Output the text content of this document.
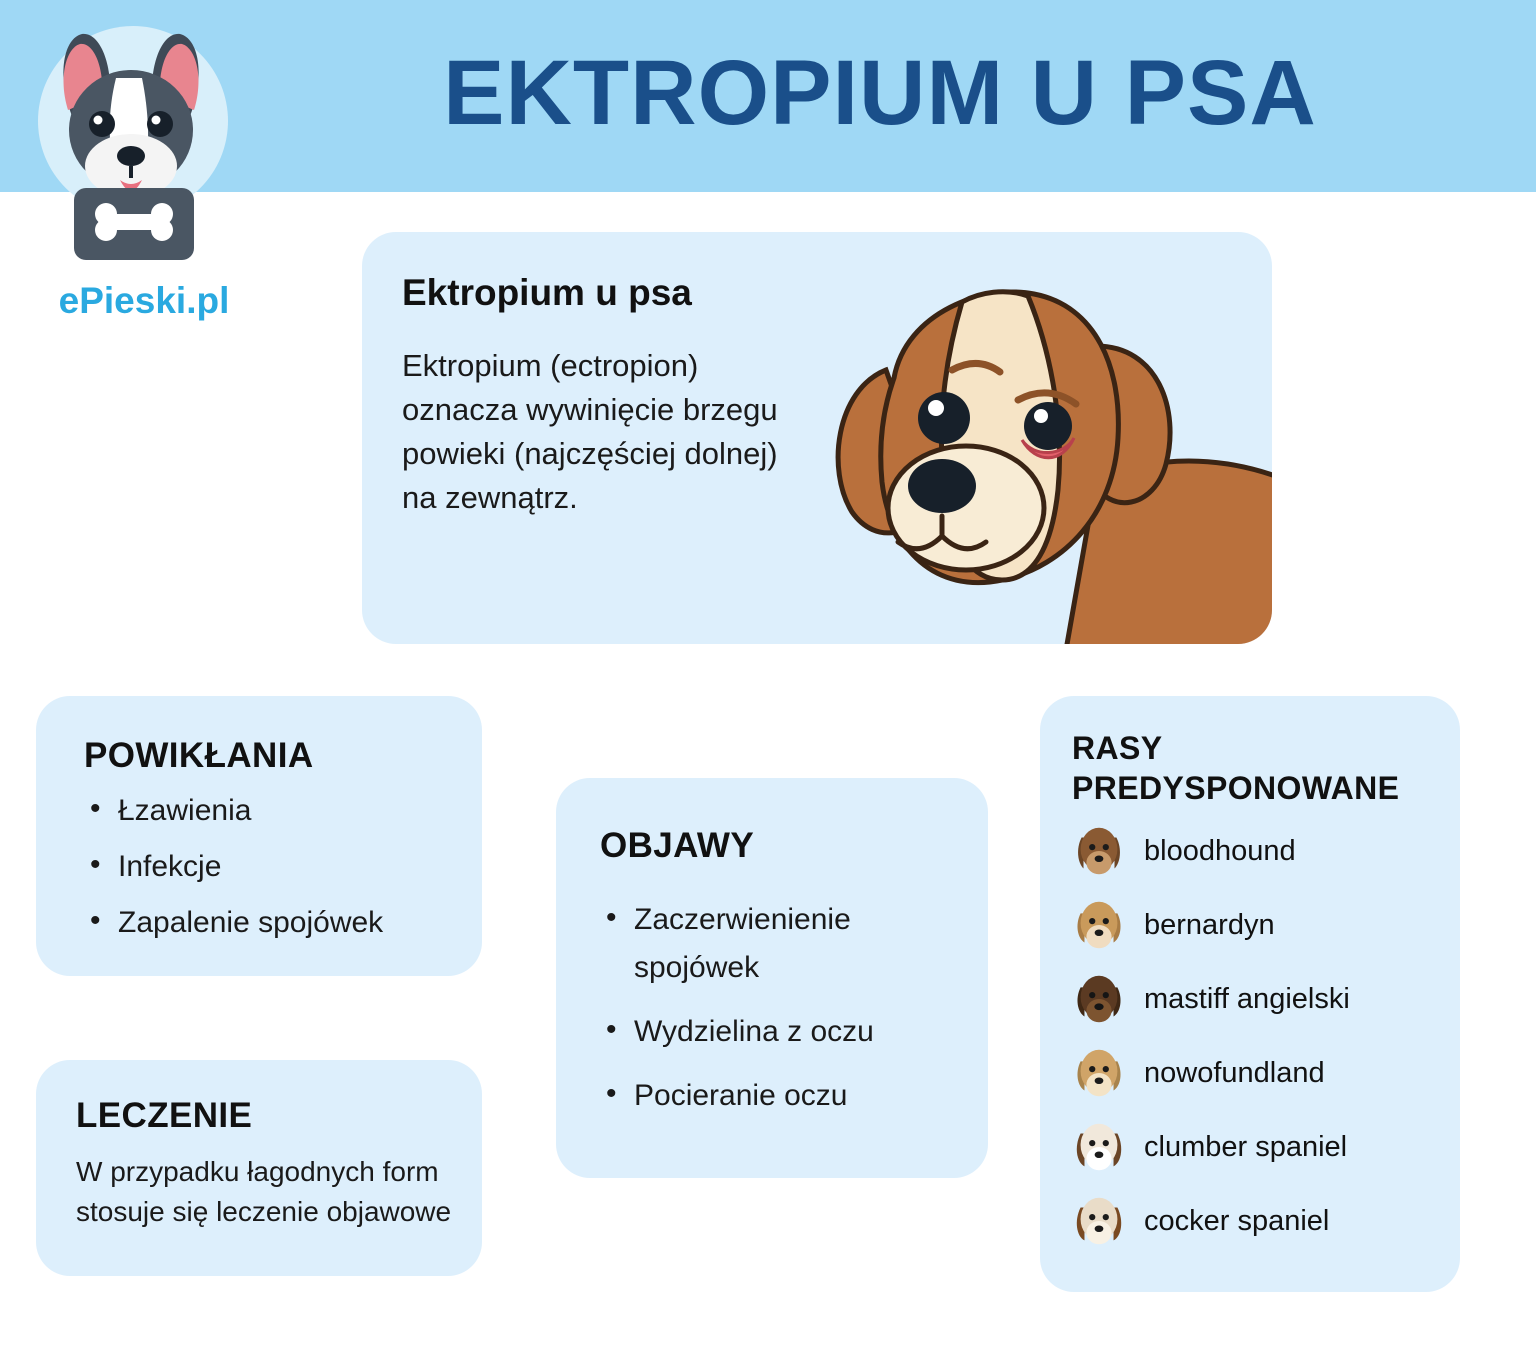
EKTROPIUM U PSA
ePieski.pl	Ektropium u psa
Ektropium (ectropion) oznacza wywinięcie brzegu powieki (najczęściej dolnej) na zewnątrz.
POWIKŁANIA
• Łzawienia
• Infekcje
• Zapalenie spojówek
LECZENIE
W przypadku łagodnych form stosuje się leczenie objawowe
OBJAWY
• Zaczerwienienie spojówek
• Wydzielina z oczu
• Pocieranie oczu
RASY PREDYSPONOWANE
bloodhound
bernardyn
mastiff angielski
nowofundland
clumber spaniel
cocker spaniel
